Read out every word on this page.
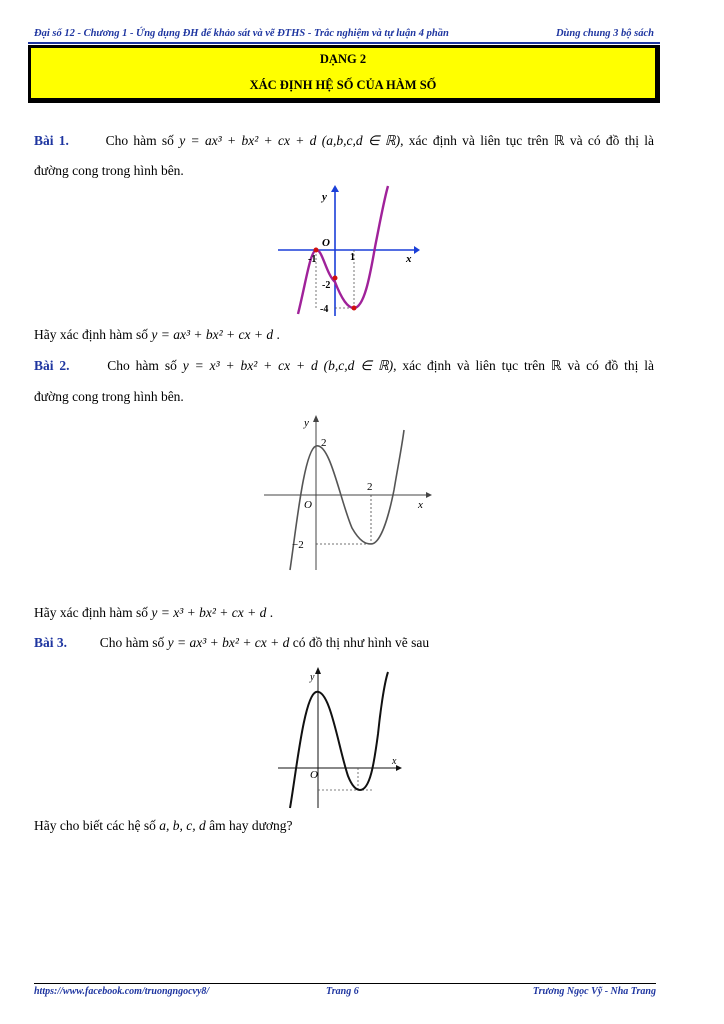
Đại số 12 - Chương 1 - Ứng dụng ĐH để khảo sát và vẽ ĐTHS - Trắc nghiệm và tự luận 4 phần	Dùng chung 3 bộ sách
DẠNG 2
XÁC ĐỊNH HỆ SỐ CỦA HÀM SỐ
Bài 1.	Cho hàm số y = ax³ + bx² + cx + d (a,b,c,d ∈ ℝ), xác định và liên tục trên ℝ và có đồ thị là
đường cong trong hình bên.
y
x
O
1
-1
-2
-4
Hãy xác định hàm số y = ax³ + bx² + cx + d .
Bài 2.	Cho hàm số y = x³ + bx² + cx + d (b,c,d ∈ ℝ), xác định và liên tục trên ℝ và có đồ thị là
đường cong trong hình bên.
y
x
O
2
2
−2
Hãy xác định hàm số y = x³ + bx² + cx + d .
Bài 3. Cho hàm số y = ax³ + bx² + cx + d có đồ thị như hình vẽ sau
y
x
O
Hãy cho biết các hệ số a, b, c, d âm hay dương?
https://www.facebook.com/truongngocvy8/	Trang 6	Trương Ngọc Vỹ - Nha Trang
